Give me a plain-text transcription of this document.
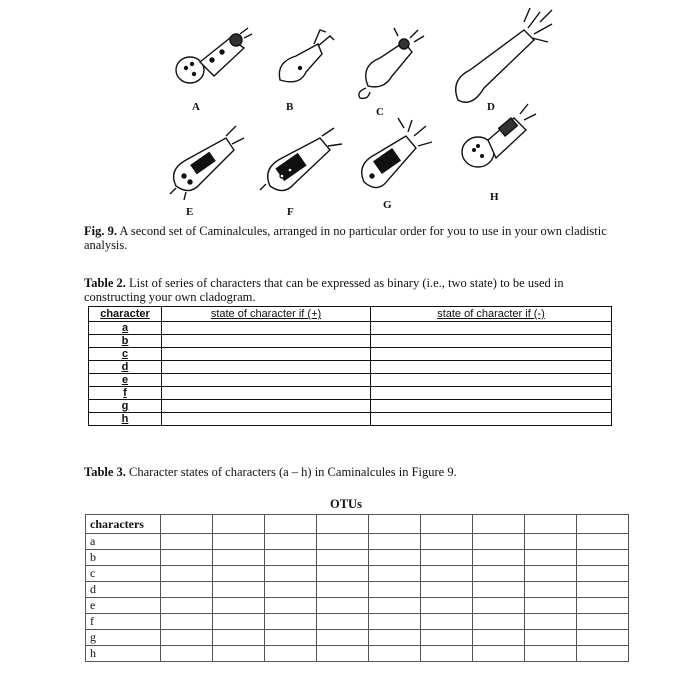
A	B	C	D
E	F
G
H
Fig. 9. A second set of Caminalcules, arranged in no particular order for you to use in your own cladistic analysis.
Table 2. List of series of characters that can be expressed as binary (i.e., two state) to be used in constructing your own cladogram.
character	state of character if (+)	state of character if (-)
a		
b		
c		
d		
e		
f		
g		
h		
Table 3. Character states of characters (a – h) in Caminalcules in Figure 9.
OTUs
characters									
a									
b									
c									
d									
e									
f									
g									
h									
